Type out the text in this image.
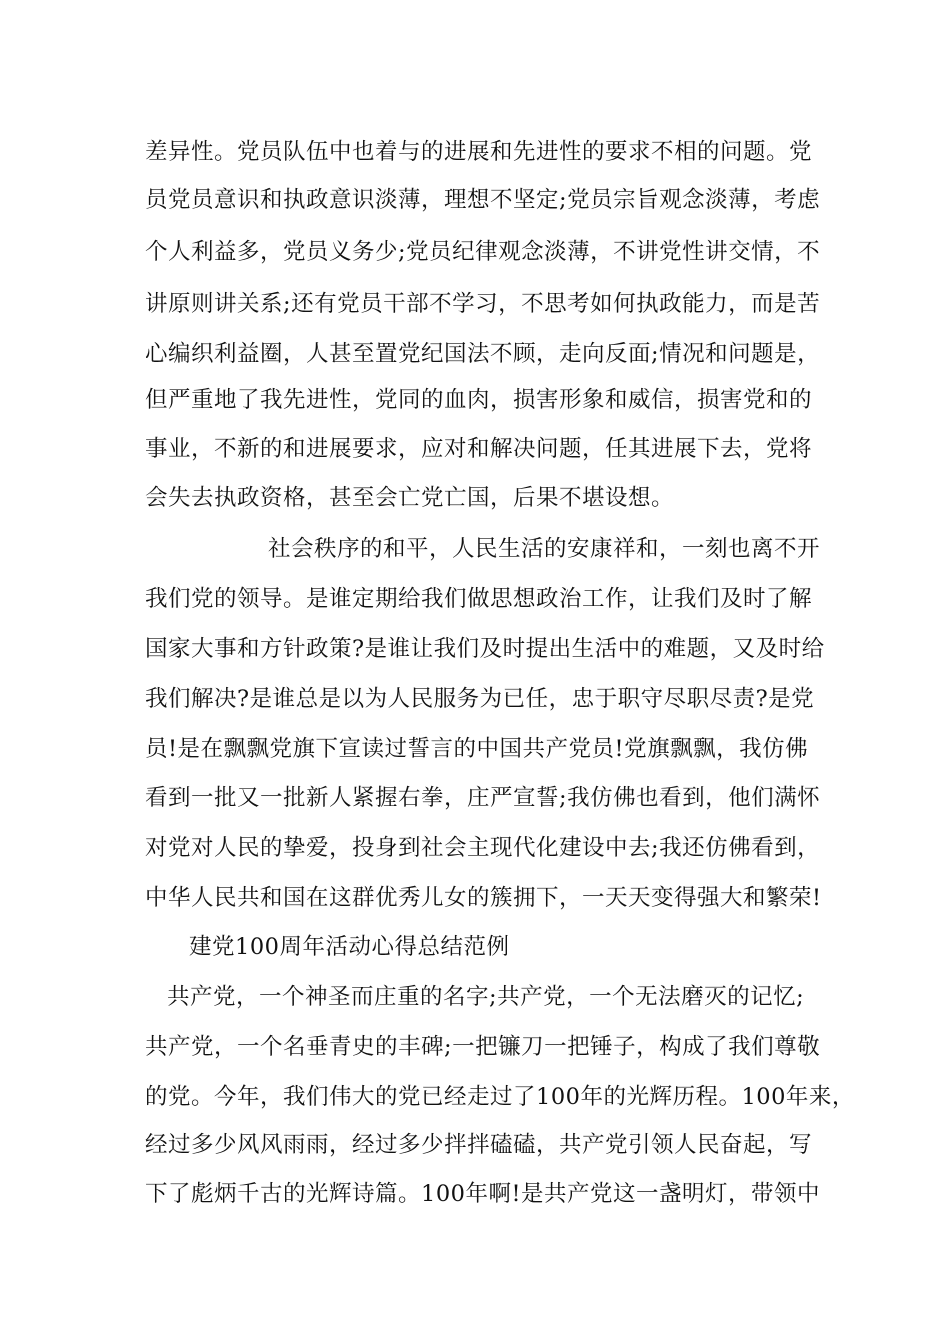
差异性。党员队伍中也着与的进展和先进性的要求不相的问题。党
员党员意识和执政意识淡薄，理想不坚定;党员宗旨观念淡薄，考虑
个人利益多，党员义务少;党员纪律观念淡薄，不讲党性讲交情，不
讲原则讲关系;还有党员干部不学习，不思考如何执政能力，而是苦
心编织利益圈，人甚至置党纪国法不顾，走向反面;情况和问题是，
但严重地了我先进性，党同的血肉，损害形象和威信，损害党和的
事业，不新的和进展要求，应对和解决问题，任其进展下去，党将
会失去执政资格，甚至会亡党亡国，后果不堪设想。
社会秩序的和平，人民生活的安康祥和，一刻也离不开
我们党的领导。是谁定期给我们做思想政治工作，让我们及时了解
国家大事和方针政策?是谁让我们及时提出生活中的难题，又及时给
我们解决?是谁总是以为人民服务为已任，忠于职守尽职尽责?是党
员!是在飘飘党旗下宣读过誓言的中国共产党员!党旗飘飘，我仿佛
看到一批又一批新人紧握右拳，庄严宣誓;我仿佛也看到，他们满怀
对党对人民的挚爱，投身到社会主现代化建设中去;我还仿佛看到，
中华人民共和国在这群优秀儿女的簇拥下，一天天变得强大和繁荣!
建党100周年活动心得总结范例
共产党，一个神圣而庄重的名字;共产党，一个无法磨灭的记忆;
共产党，一个名垂青史的丰碑;一把镰刀一把锤子，构成了我们尊敬
的党。今年，我们伟大的党已经走过了100年的光辉历程。100年来，
经过多少风风雨雨，经过多少拌拌磕磕，共产党引领人民奋起，写
下了彪炳千古的光辉诗篇。100年啊!是共产党这一盏明灯，带领中
